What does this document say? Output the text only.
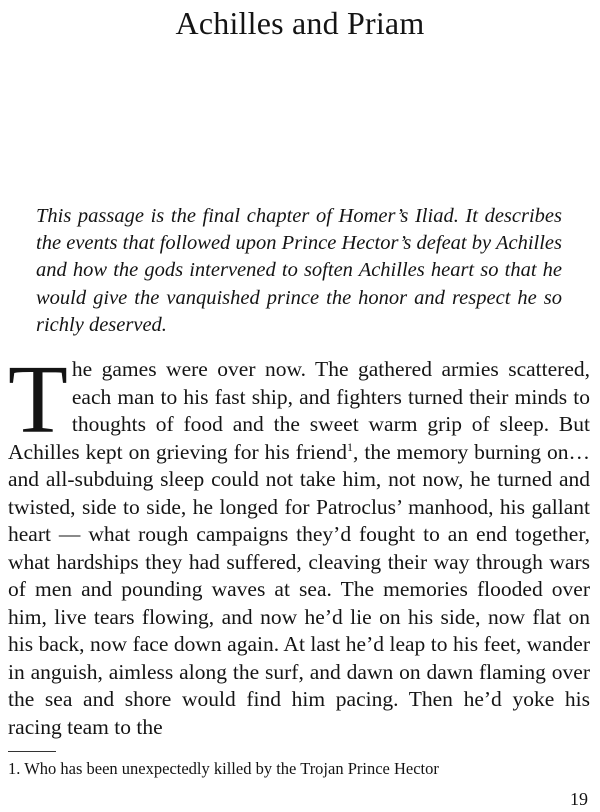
Achilles and Priam

This passage is the final chapter of Homer’s Iliad. It describes the events that followed upon Prince Hector’s defeat by Achilles and how the gods intervened to soften Achilles heart so that he would give the vanquished prince the honor and respect he so richly deserved.

The games were over now. The gathered armies scattered, each man to his fast ship, and fighters turned their minds to thoughts of food and the sweet warm grip of sleep. But Achilles kept on grieving for his friend$^1$, the memory burning on… and all-subduing sleep could not take him, not now, he turned and twisted, side to side, he longed for Patroclus’ manhood, his gallant heart — what rough campaigns they’d fought to an end together, what hardships they had suffered, cleaving their way through wars of men and pounding waves at sea. The memories flooded over him, live tears flowing, and now he’d lie on his side, now flat on his back, now face down again. At last he’d leap to his feet, wander in anguish, aimless along the surf, and dawn on dawn flaming over the sea and shore would find him pacing. Then he’d yoke his racing team to the

1. Who has been unexpectedly killed by the Trojan Prince Hector

19
